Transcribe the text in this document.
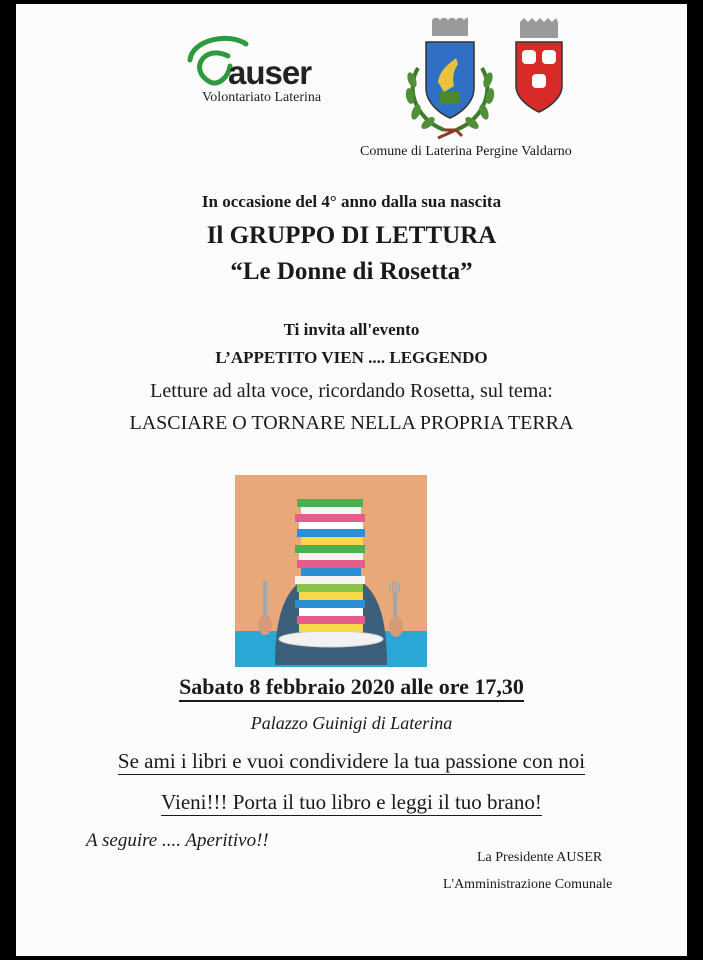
auser
Volontariato Laterina
Comune di Laterina Pergine Valdarno
In occasione del 4° anno dalla sua nascita
Il GRUPPO DI LETTURA
“Le Donne di Rosetta”
Ti invita all'evento
L’APPETITO VIEN .... LEGGENDO
Letture ad alta voce, ricordando Rosetta, sul tema:
LASCIARE O TORNARE NELLA PROPRIA TERRA
Sabato 8 febbraio 2020 alle ore 17,30
Palazzo Guinigi di Laterina
Se ami i libri e vuoi condividere la tua passione con noi
Vieni!!! Porta il tuo libro e leggi il tuo brano!
A seguire .... Aperitivo!!
La Presidente AUSER
L'Amministrazione Comunale
